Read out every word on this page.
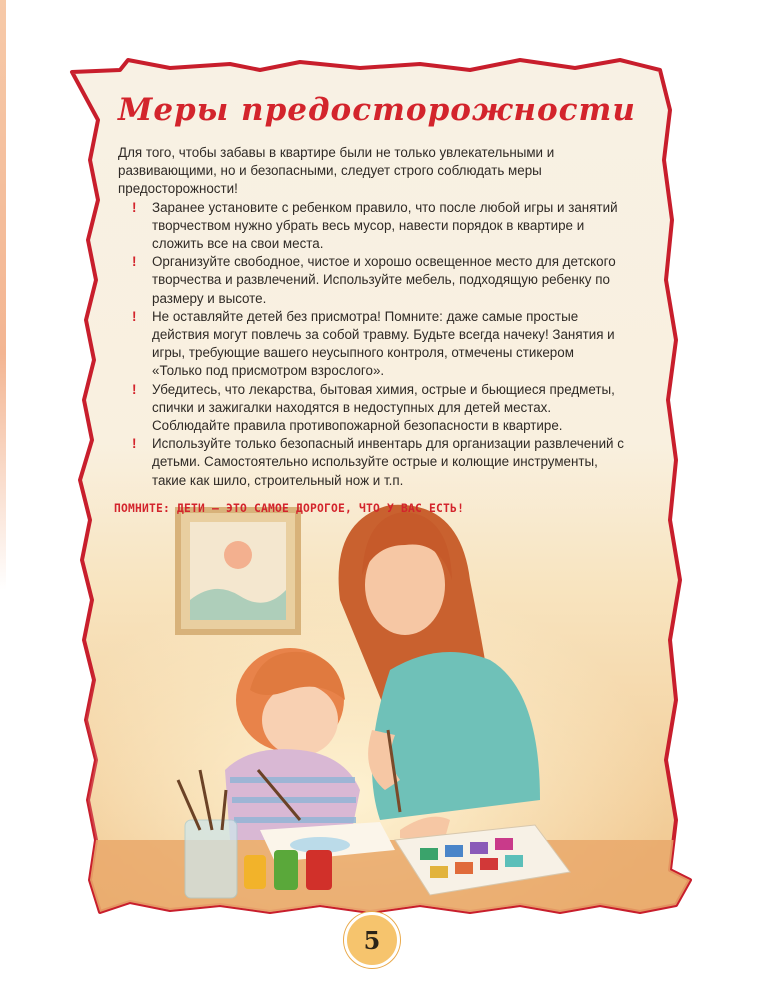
Меры предосторожности

Для того, чтобы забавы в квартире были не только увлекательными и развивающими, но и безопасными, следует строго соблюдать меры предосторожности!

! Заранее установите с ребенком правило, что после любой игры и занятий творчеством нужно убрать весь мусор, навести порядок в квартире и сложить все на свои места.
! Организуйте свободное, чистое и хорошо освещенное место для детского творчества и развлечений. Используйте мебель, подходящую ребенку по размеру и высоте.
! Не оставляйте детей без присмотра! Помните: даже самые простые действия могут повлечь за собой травму. Будьте всегда начеку! Занятия и игры, требующие вашего неусыпного контроля, отмечены стикером «Только под присмотром взрослого».
! Убедитесь, что лекарства, бытовая химия, острые и бьющиеся предметы, спички и зажигалки находятся в недоступных для детей местах. Соблюдайте правила противопожарной безопасности в квартире.
! Используйте только безопасный инвентарь для организации развлечений с детьми. Самостоятельно используйте острые и колющие инструменты, такие как шило, строительный нож и т.п.

ПОМНИТЕ: ДЕТИ – ЭТО САМОЕ ДОРОГОЕ, ЧТО У ВАС ЕСТЬ!

5
